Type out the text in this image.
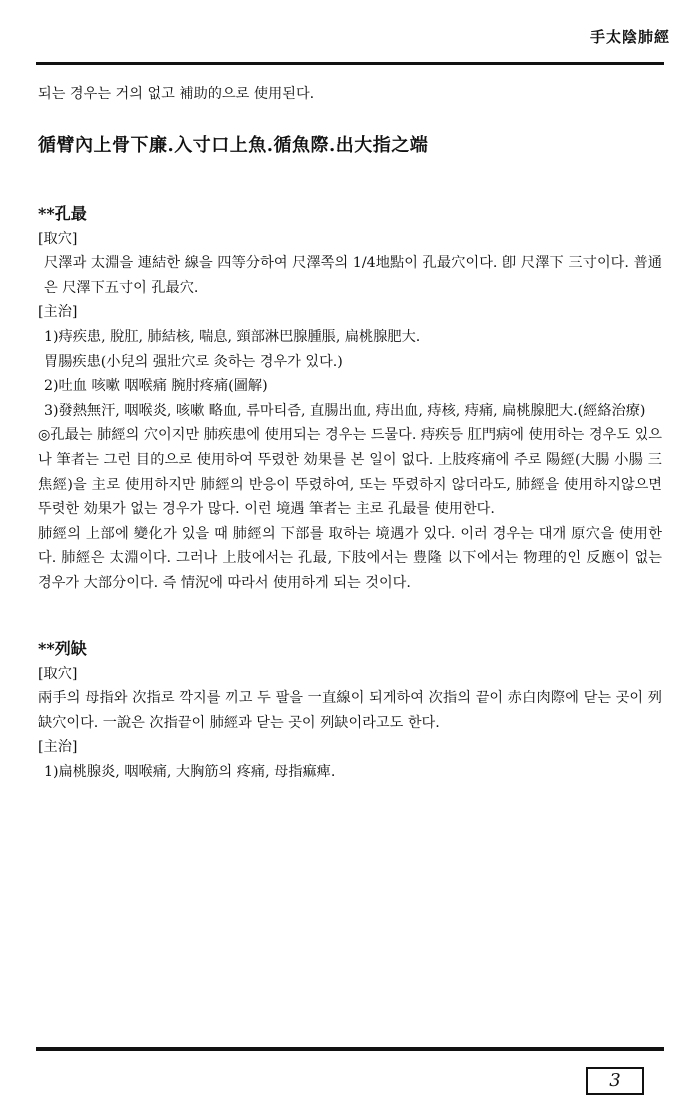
手太陰肺經

되는 경우는 거의 없고 補助的으로 使用된다.

循臂內上骨下廉.入寸口上魚.循魚際.出大指之端

**孔最

[取穴]

尺澤과 太淵을 連結한 線을 四等分하여 尺澤쪽의 1/4地點이 孔最穴이다. 卽 尺澤下 三寸이다. 普通은 尺澤下五寸이 孔最穴.

[主治]

1)痔疾患, 脫肛, 肺結核, 喘息, 頸部淋巴腺腫脹, 扁桃腺肥大.

胃腸疾患(小兒의 强壯穴로 灸하는 경우가 있다.)

2)吐血 咳嗽 咽喉痛 腕肘疼痛(圖解)

3)發熱無汗, 咽喉炎, 咳嗽 略血, 류마티즘, 直腸出血, 痔出血, 痔核, 痔痛, 扁桃腺肥大.(經絡治療)

◎孔最는 肺經의 穴이지만 肺疾患에 使用되는 경우는 드물다. 痔疾등 肛門病에 使用하는 경우도 있으나 筆者는 그런 目的으로 使用하여 뚜렸한 効果를 본 일이 없다. 上肢疼痛에 주로 陽經(大腸 小腸 三焦經)을 主로 使用하지만 肺經의 반응이 뚜렸하여, 또는 뚜렸하지 않더라도, 肺經을 使用하지않으면 뚜렷한 効果가 없는 경우가 많다. 이런 境遇 筆者는 主로 孔最를 使用한다.

肺經의 上部에 變化가 있을 때 肺經의 下部를 取하는 境遇가 있다. 이러 경우는 대개 原穴을 使用한다. 肺經은 太淵이다. 그러나 上肢에서는 孔最, 下肢에서는 豊隆 以下에서는 物理的인 反應이 없는 경우가 大部分이다. 즉 情況에 따라서 使用하게 되는 것이다.

**列缺

[取穴]

兩手의 母指와 次指로 깍지를 끼고 두 팔을 一直線이 되게하여 次指의 끝이 赤白肉際에 닫는 곳이 列缺穴이다. 一說은 次指끝이 肺經과 닫는 곳이 列缺이라고도 한다.

[主治]

1)扁桃腺炎, 咽喉痛, 大胸筋의 疼痛, 母指痲痺.

3
